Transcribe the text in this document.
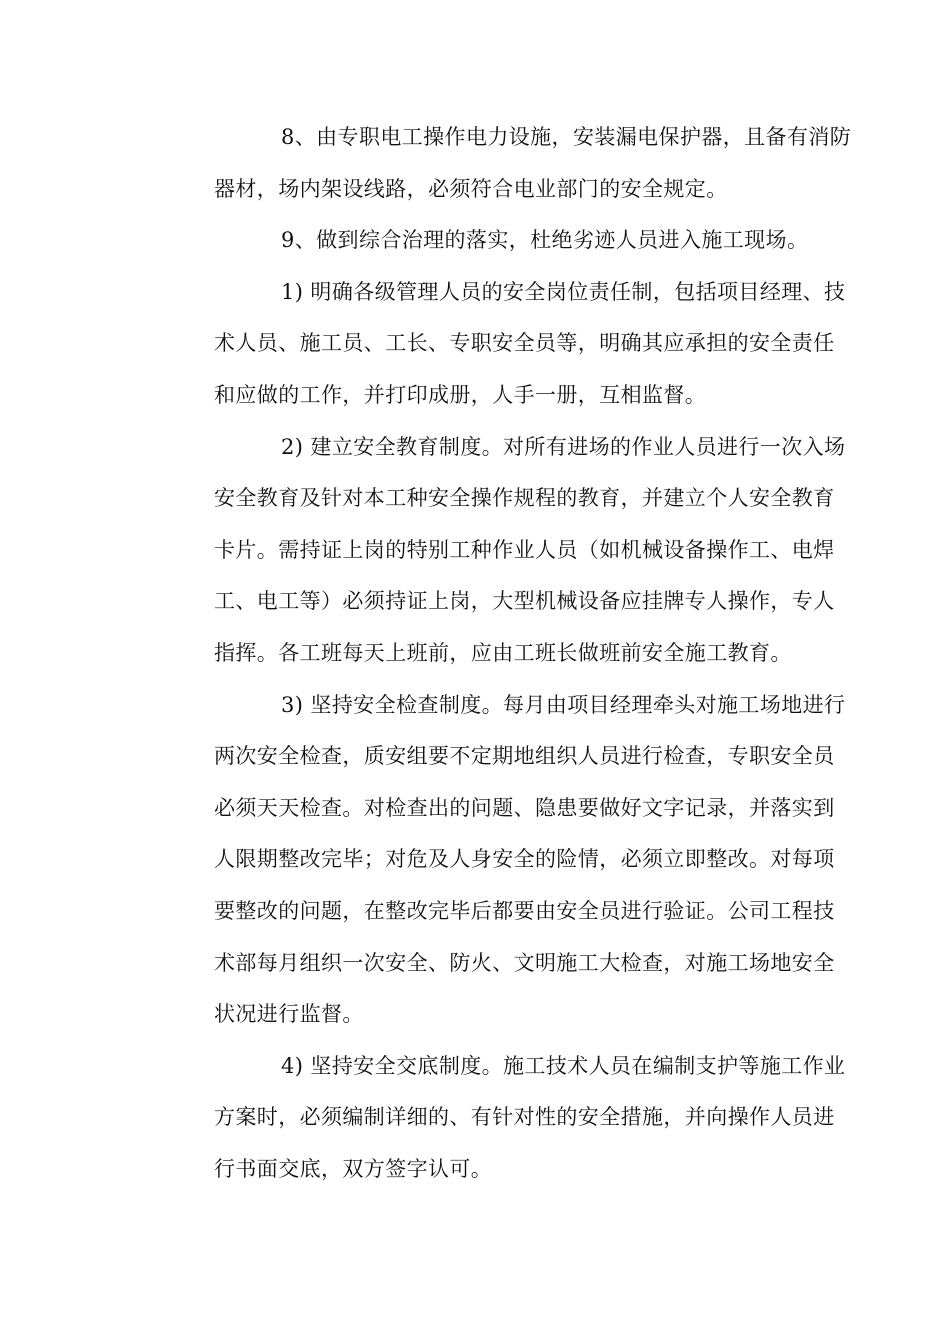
8、由专职电工操作电力设施，安装漏电保护器，且备有消防
器材，场内架设线路，必须符合电业部门的安全规定。
9、做到综合治理的落实，杜绝劣迹人员进入施工现场。
1) 明确各级管理人员的安全岗位责任制，包括项目经理、技
术人员、施工员、工长、专职安全员等，明确其应承担的安全责任
和应做的工作，并打印成册，人手一册，互相监督。
2) 建立安全教育制度。对所有进场的作业人员进行一次入场
安全教育及针对本工种安全操作规程的教育，并建立个人安全教育
卡片。需持证上岗的特别工种作业人员（如机械设备操作工、电焊
工、电工等）必须持证上岗，大型机械设备应挂牌专人操作，专人
指挥。各工班每天上班前，应由工班长做班前安全施工教育。
3) 坚持安全检查制度。每月由项目经理牵头对施工场地进行
两次安全检查，质安组要不定期地组织人员进行检查，专职安全员
必须天天检查。对检查出的问题、隐患要做好文字记录，并落实到
人限期整改完毕；对危及人身安全的险情，必须立即整改。对每项
要整改的问题，在整改完毕后都要由安全员进行验证。公司工程技
术部每月组织一次安全、防火、文明施工大检查，对施工场地安全
状况进行监督。
4) 坚持安全交底制度。施工技术人员在编制支护等施工作业
方案时，必须编制详细的、有针对性的安全措施，并向操作人员进
行书面交底，双方签字认可。
